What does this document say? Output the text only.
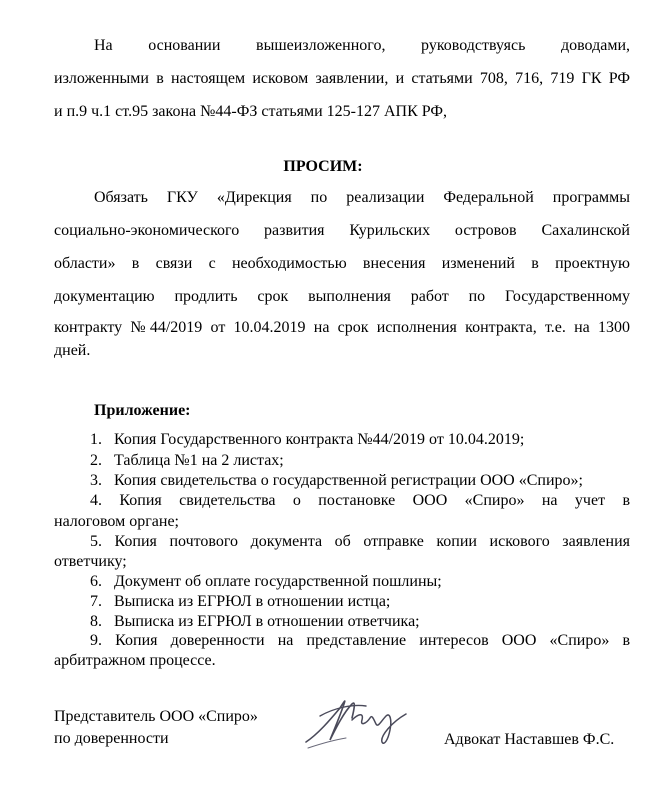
На основании вышеизложенного, руководствуясь доводами,
изложенными в настоящем исковом заявлении, и статьями 708, 716, 719 ГК РФ
и п.9 ч.1 ст.95 закона №44-ФЗ статьями 125-127 АПК РФ,
ПРОСИМ:
Обязать ГКУ «Дирекция по реализации Федеральной программы
социально-экономического развития Курильских островов Сахалинской
области» в связи с необходимостью внесения изменений в проектную
документацию продлить срок выполнения работ по Государственному
контракту №44/2019 от 10.04.2019 на срок исполнения контракта, т.е. на 1300
дней.
Приложение:
1. Копия Государственного контракта №44/2019 от 10.04.2019;
2. Таблица №1 на 2 листах;
3. Копия свидетельства о государственной регистрации ООО «Спиро»;
4. Копия свидетельства о постановке ООО «Спиро» на учет в
налоговом органе;
5. Копия почтового документа об отправке копии искового заявления
ответчику;
6. Документ об оплате государственной пошлины;
7. Выписка из ЕГРЮЛ в отношении истца;
8. Выписка из ЕГРЮЛ в отношении ответчика;
9. Копия доверенности на представление интересов ООО «Спиро» в
арбитражном процессе.
Представитель ООО «Спиро»
по доверенности	Адвокат Наставшев Ф.С.
